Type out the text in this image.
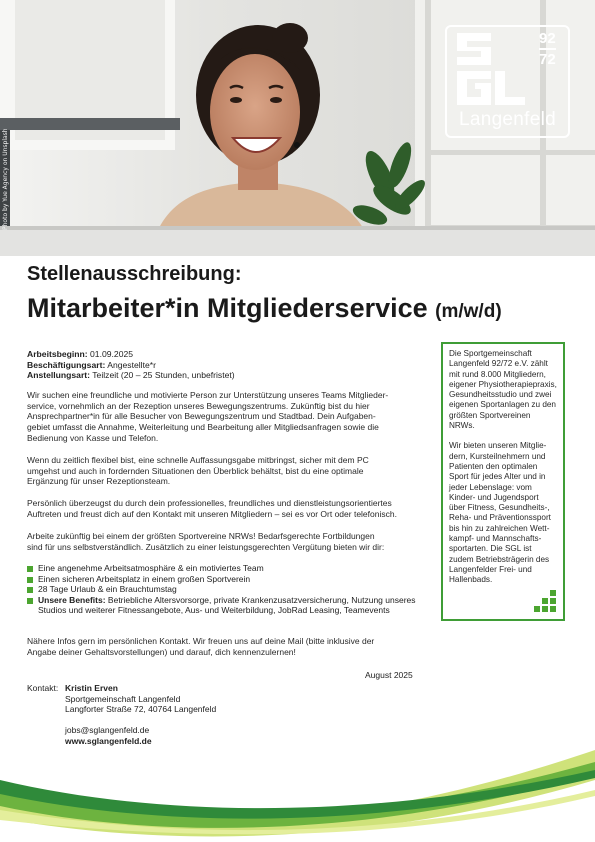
Photo by Yue Agency on Unsplash
92
72
Langenfeld
Stellenausschreibung:
Mitarbeiter*in Mitgliederservice (m/w/d)
Arbeitsbeginn: 01.09.2025
Beschäftigungsart: Angestellte*r
Anstellungsart: Teilzeit (20 – 25 Stunden, unbefristet)
Wir suchen eine freundliche und motivierte Person zur Unterstützung unseres Teams Mitglieder-
service, vornehmlich an der Rezeption unseres Bewegungszentrums. Zukünftig bist du hier
Ansprechpartner*in für alle Besucher von Bewegungszentrum und Stadtbad. Dein Aufgaben-
gebiet umfasst die Annahme, Weiterleitung und Bearbeitung aller Mitgliedsanfragen sowie die
Bedienung von Kasse und Telefon.
Wenn du zeitlich flexibel bist, eine schnelle Auffassungsgabe mitbringst, sicher mit dem PC
umgehst und auch in fordernden Situationen den Überblick behältst, bist du eine optimale
Ergänzung für unser Rezeptionsteam.
Persönlich überzeugst du durch dein professionelles, freundliches und dienstleistungsorientiertes
Auftreten und freust dich auf den Kontakt mit unseren Mitgliedern – sei es vor Ort oder telefonisch.
Arbeite zukünftig bei einem der größten Sportvereine NRWs! Bedarfsgerechte Fortbildungen
sind für uns selbstverständlich. Zusätzlich zu einer leistungsgerechten Vergütung bieten wir dir:
Eine angenehme Arbeitsatmosphäre & ein motiviertes Team
Einen sicheren Arbeitsplatz in einem großen Sportverein
28 Tage Urlaub & ein Brauchtumstag
Unsere Benefits: Betriebliche Altersvorsorge, private Krankenzusatzversicherung, Nutzung unseres Studios und weiterer Fitnessangebote, Aus- und Weiterbildung, JobRad Leasing, Teamevents
Nähere Infos gern im persönlichen Kontakt. Wir freuen uns auf deine Mail (bitte inklusive der
Angabe deiner Gehaltsvorstellungen) und darauf, dich kennenzulernen!
August 2025
Kontakt: Kristin Erven
Sportgemeinschaft Langenfeld
Langforter Straße 72, 40764 Langenfeld
jobs@sglangenfeld.de
www.sglangenfeld.de

Die Sportgemeinschaft Langenfeld 92/72 e.V. zählt mit rund 8.000 Mitgliedern, eigener Physiotherapiepraxis, Gesundheitsstudio und zwei eigenen Sportanlagen zu den größten Sportvereinen NRWs.

Wir bieten unseren Mitglie-dern, Kursteilnehmern und Patienten den optimalen Sport für jedes Alter und in jeder Lebenslage: vom Kinder- und Jugendsport über Fitness, Gesundheits-, Reha- und Präventionssport bis hin zu zahlreichen Wett-kampf- und Mannschafts-sportarten. Die SGL ist zudem Betriebsträgerin des Langenfelder Frei- und Hallenbads.
